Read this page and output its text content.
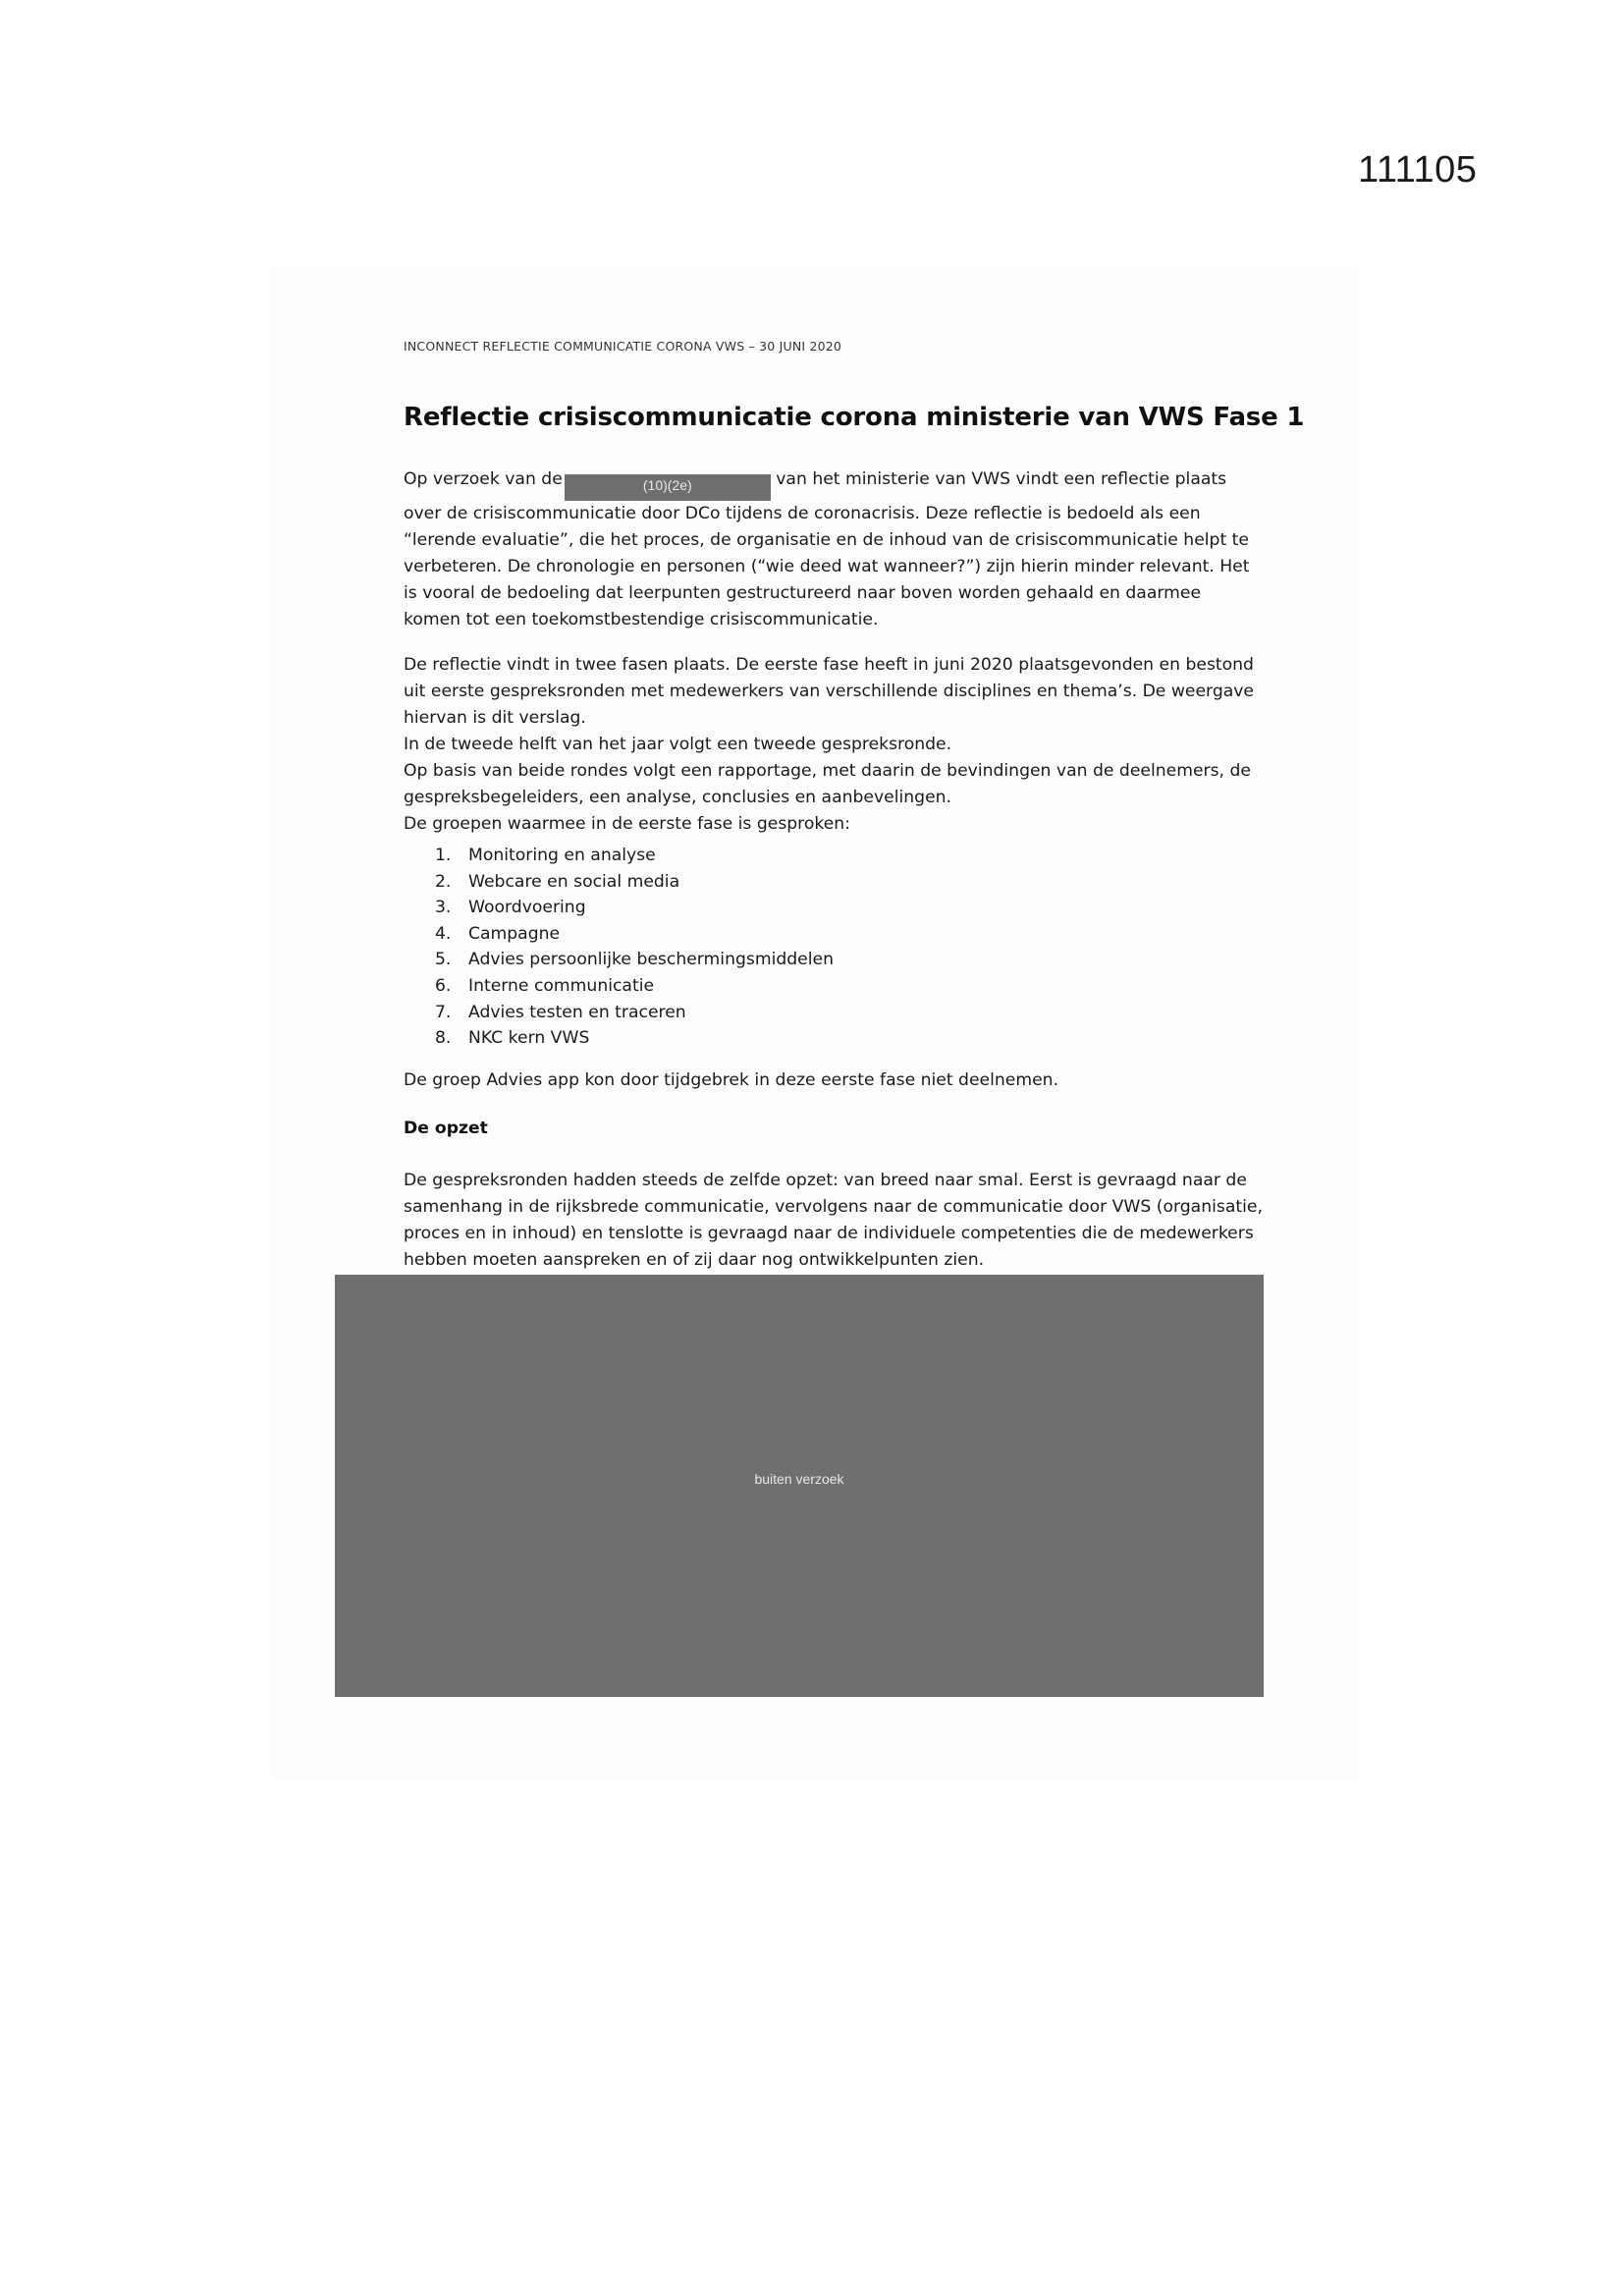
111105
INCONNECT REFLECTIE COMMUNICATIE CORONA VWS – 30 JUNI 2020
Reflectie crisiscommunicatie corona ministerie van VWS Fase 1
Op verzoek van de	(10)(2e)	van het ministerie van VWS vindt een reflectie plaats
over de crisiscommunicatie door DCo tijdens de coronacrisis. Deze reflectie is bedoeld als een
“lerende evaluatie”, die het proces, de organisatie en de inhoud van de crisiscommunicatie helpt te
verbeteren. De chronologie en personen (“wie deed wat wanneer?”) zijn hierin minder relevant. Het
is vooral de bedoeling dat leerpunten gestructureerd naar boven worden gehaald en daarmee
komen tot een toekomstbestendige crisiscommunicatie.
De reflectie vindt in twee fasen plaats. De eerste fase heeft in juni 2020 plaatsgevonden en bestond
uit eerste gespreksronden met medewerkers van verschillende disciplines en thema’s. De weergave
hiervan is dit verslag.
In de tweede helft van het jaar volgt een tweede gespreksronde.
Op basis van beide rondes volgt een rapportage, met daarin de bevindingen van de deelnemers, de
gespreksbegeleiders, een analyse, conclusies en aanbevelingen.
De groepen waarmee in de eerste fase is gesproken:
1. Monitoring en analyse
2. Webcare en social media
3. Woordvoering
4. Campagne
5. Advies persoonlijke beschermingsmiddelen
6. Interne communicatie
7. Advies testen en traceren
8. NKC kern VWS
De groep Advies app kon door tijdgebrek in deze eerste fase niet deelnemen.
De opzet
De gespreksronden hadden steeds de zelfde opzet: van breed naar smal. Eerst is gevraagd naar de
samenhang in de rijksbrede communicatie, vervolgens naar de communicatie door VWS (organisatie,
proces en in inhoud) en tenslotte is gevraagd naar de individuele competenties die de medewerkers
hebben moeten aanspreken en of zij daar nog ontwikkelpunten zien.
buiten verzoek
